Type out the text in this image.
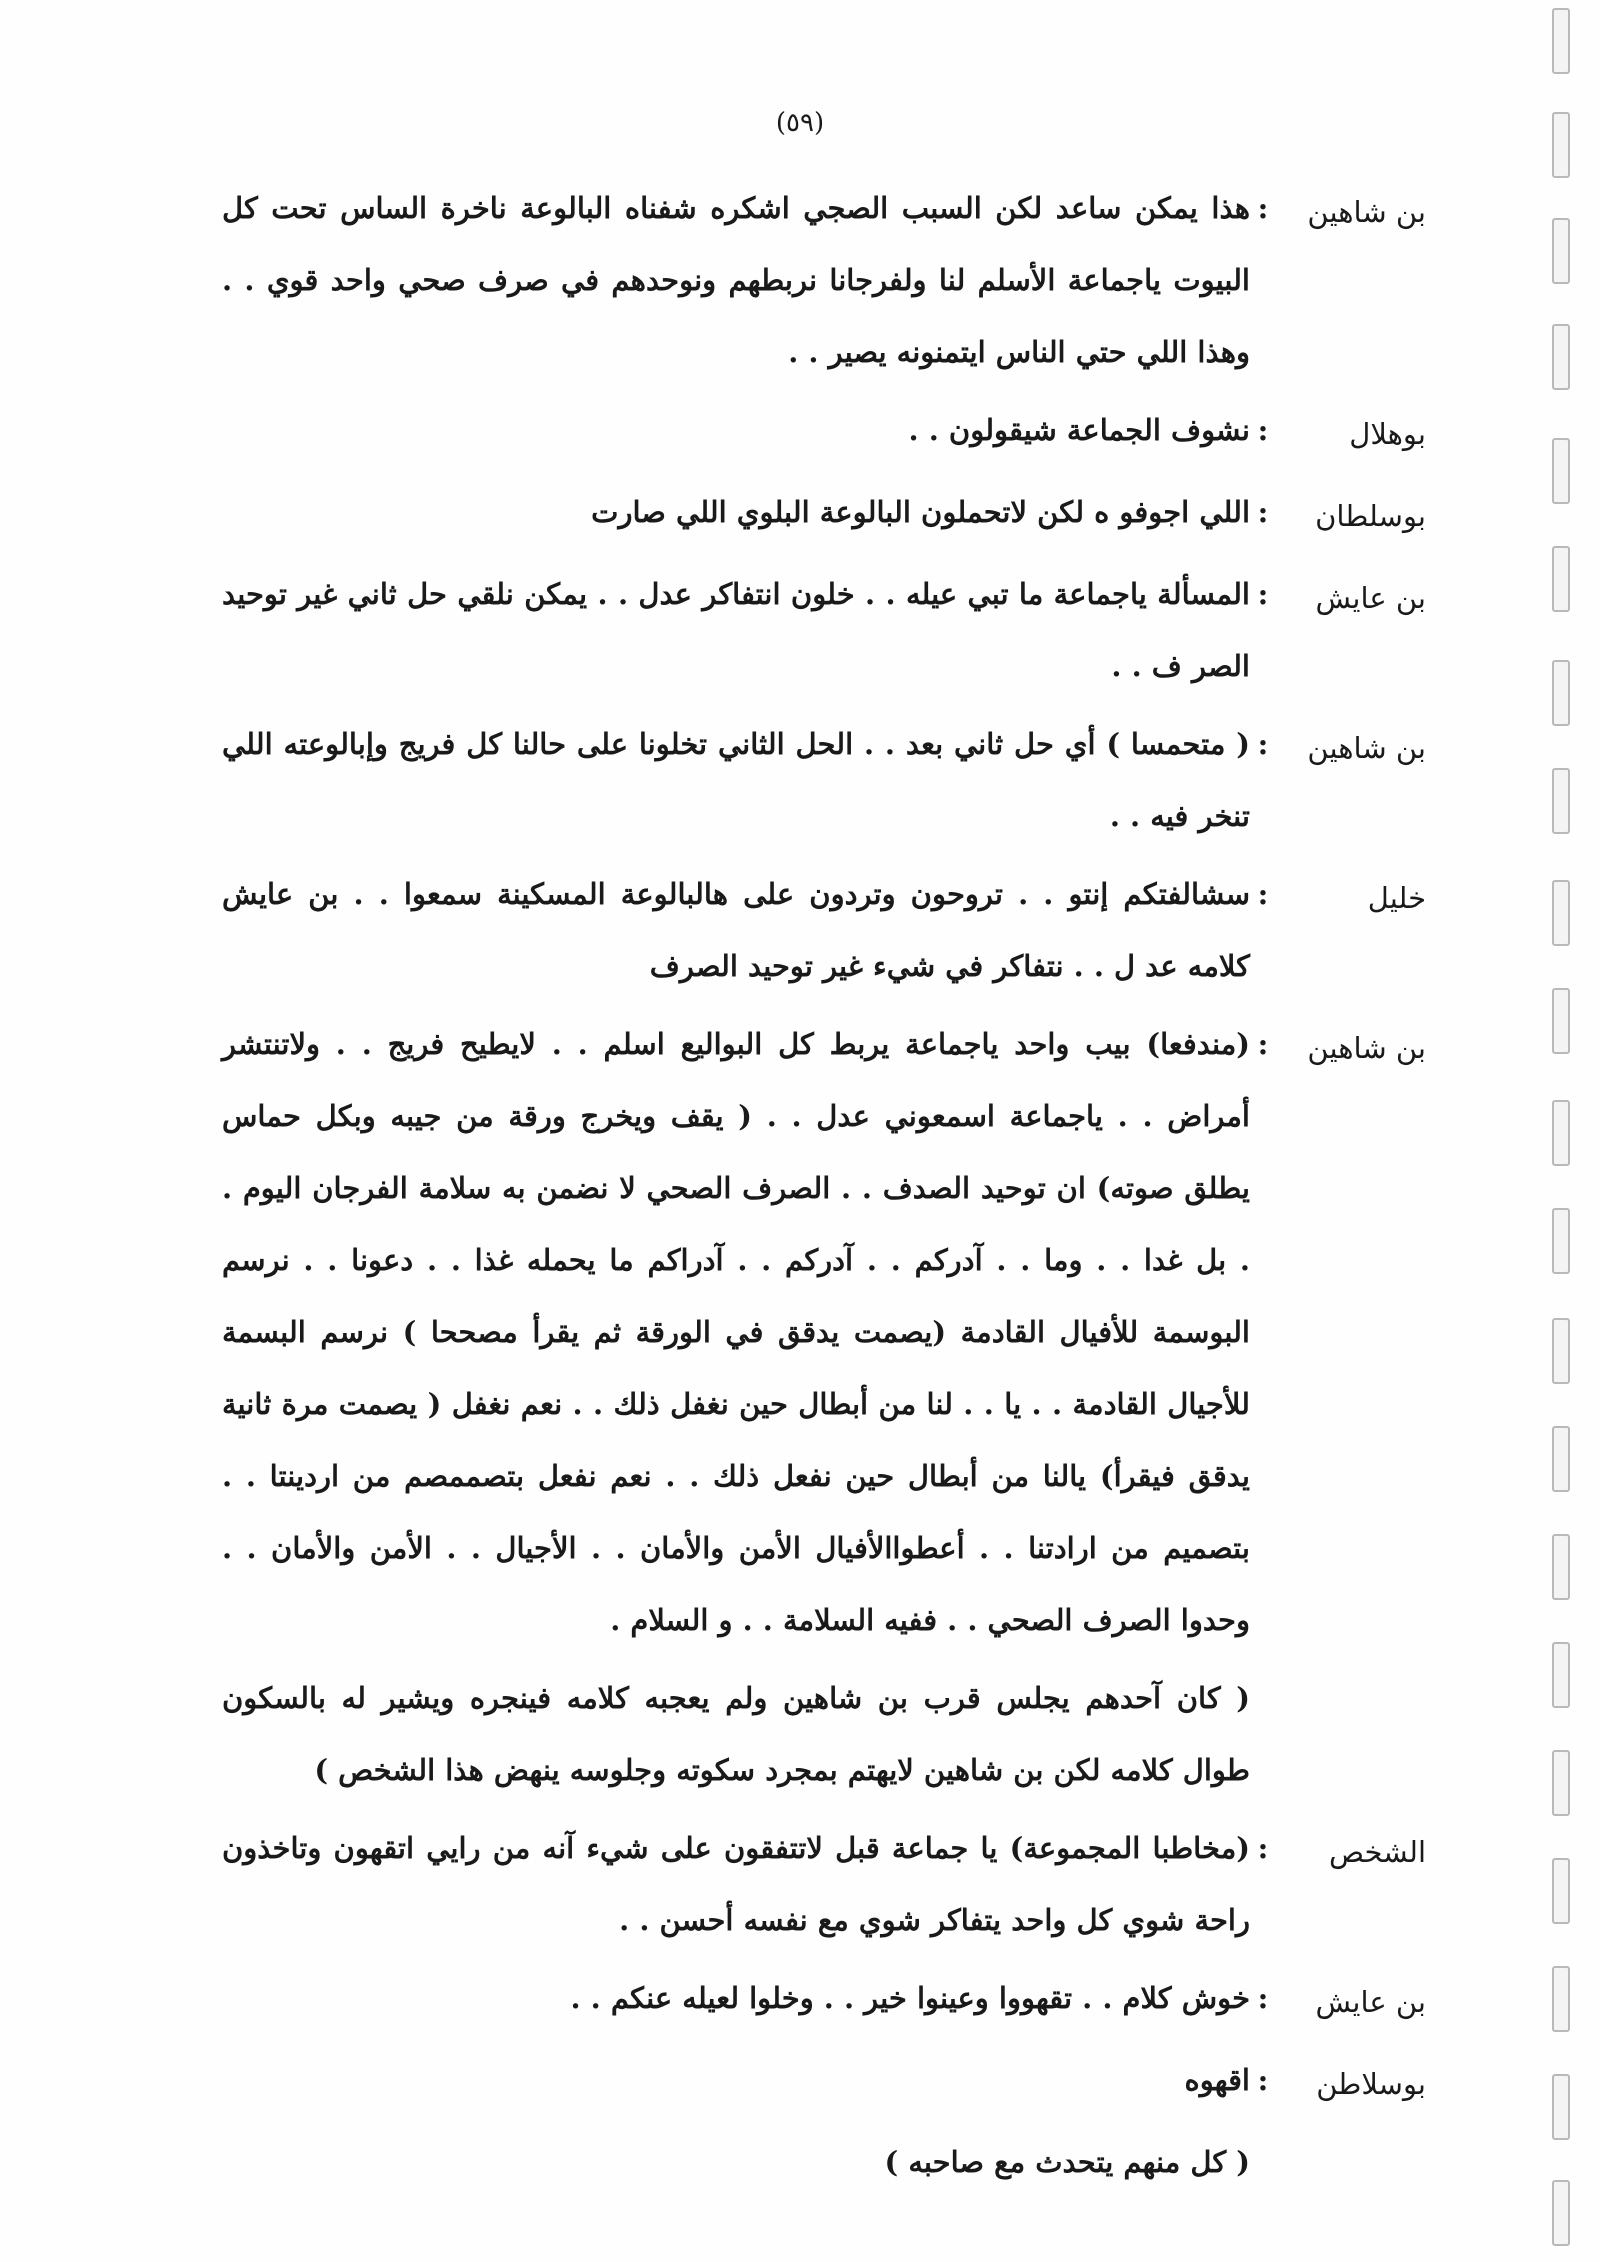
(٥٩)
بن شاهين
:
هذا يمكن ساعد لكن السبب الصجي اشكره شفناه البالوعة ناخرة الساس تحت كل البيوت ياجماعة الأسلم لنا ولفرجانا نربطهم ونوحدهم في صرف صحي واحد قوي . . وهذا اللي حتي الناس ايتمنونه يصير . .
بوهلال
:
نشوف الجماعة شيقولون . .
بوسلطان
:
اللي اجوفو ه لكن لاتحملون البالوعة البلوي اللي صارت
بن عايش
:
المسألة ياجماعة ما تبي عيله . . خلون انتفاكر عدل . . يمكن نلقي حل ثاني غير توحيد الصر ف . .
بن شاهين
:
( متحمسا ) أي حل ثاني بعد . . الحل الثاني تخلونا على حالنا كل فريج وإبالوعته اللي تنخر فيه . .
خليل
:
سشالفتكم إنتو . . تروحون وتردون على هالبالوعة المسكينة سمعوا . . بن عايش كلامه عد ل . . نتفاكر في شيء غير توحيد الصرف
بن شاهين
:
(مندفعا) بيب واحد ياجماعة يربط كل البواليع اسلم . . لايطيح فريج . . ولاتنتشر أمراض . . ياجماعة اسمعوني عدل . . ( يقف ويخرج ورقة من جيبه وبكل حماس يطلق صوته) ان توحيد الصدف . . الصرف الصحي لا نضمن به سلامة الفرجان اليوم . . بل غدا . . وما . . آدركم . . آدركم . . آدراكم ما يحمله غذا . . دعونا . . نرسم البوسمة للأفيال القادمة (يصمت يدقق في الورقة ثم يقرأ مصححا ) نرسم البسمة للأجيال القادمة . . يا . . لنا من أبطال حين نغفل ذلك . . نعم نغفل ( يصمت مرة ثانية يدقق فيقرأ) يالنا من أبطال حين نفعل ذلك . . نعم نفعل بتصممصم من اردينتا . . بتصميم من ارادتنا . . أعطواالأفيال الأمن والأمان . . الأجيال . . الأمن والأمان . . وحدوا الصرف الصحي . . ففيه السلامة . . و السلام .
( كان آحدهم يجلس قرب بن شاهين ولم يعجبه كلامه فينجره ويشير له بالسكون طوال كلامه لكن بن شاهين لايهتم بمجرد سكوته وجلوسه ينهض هذا الشخص )
الشخص
:
(مخاطبا المجموعة) يا جماعة قبل لاتتفقون على شيء آنه من رايي اتقهون وتاخذون راحة شوي كل واحد يتفاكر شوي مع نفسه أحسن . .
بن عايش
:
خوش كلام . . تقهووا وعينوا خير . . وخلوا لعيله عنكم . .
بوسلاطن
:
اقهوه
( كل منهم يتحدث مع صاحبه )
